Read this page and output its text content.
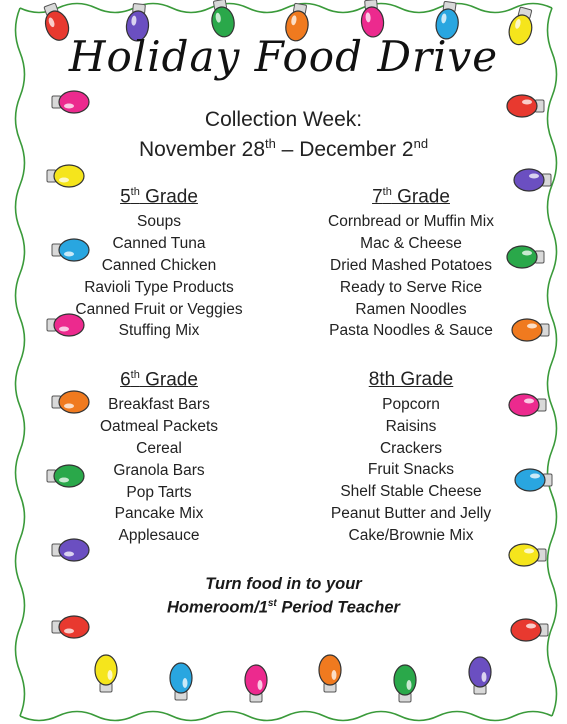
Holiday Food Drive
Collection Week:
November 28th – December 2nd
5th Grade
Soups
Canned Tuna
Canned Chicken
Ravioli Type Products
Canned Fruit or Veggies
Stuffing Mix
7th Grade
Cornbread or Muffin Mix
Mac & Cheese
Dried Mashed Potatoes
Ready to Serve Rice
Ramen Noodles
Pasta Noodles & Sauce
6th Grade
Breakfast Bars
Oatmeal Packets
Cereal
Granola Bars
Pop Tarts
Pancake Mix
Applesauce
8th Grade
Popcorn
Raisins
Crackers
Fruit Snacks
Shelf Stable Cheese
Peanut Butter and Jelly
Cake/Brownie Mix
Turn food in to your
Homeroom/1st Period Teacher
